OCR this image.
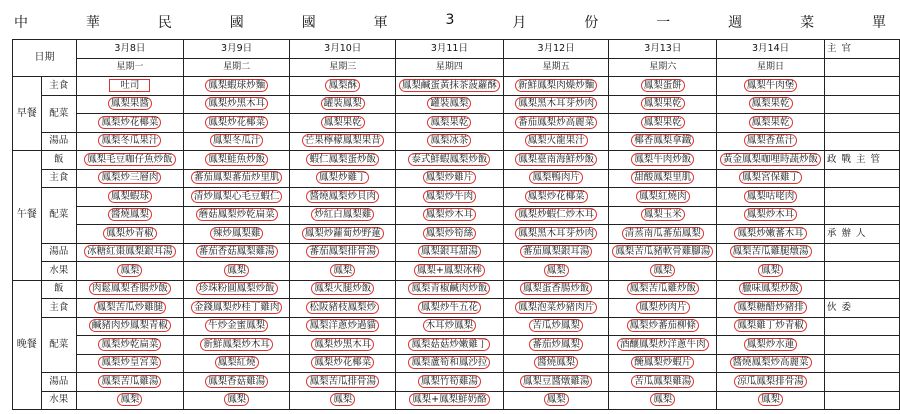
中	華	民	國	國	軍	3	月	份	一	週	菜	單
日期		3月8日	3月9日	3月10日	3月11日	3月12日	3月13日	3月14日	主 官
		星期一	星期二	星期三	星期四	星期五	星期六	星期日	
早餐	主食	吐司	鳳梨蝦球炒麵	鳳梨酥	鳳梨鹹蛋黃抹茶菠蘿酥	新鮮鳳梨肉燥炒麵	鳳梨蛋餅	鳳梨牛肉堡	
	配菜	鳳梨果醬	鳳梨炒黑木耳	罐裝鳳梨	罐裝鳳梨	鳳梨黑木耳芽炒肉	鳳梨果乾	鳳梨果乾	
		鳳梨炒花椰菜	鳳梨炒花椰菜	鳳梨果乾	鳳梨果乾	番茄鳳梨炒高麗菜	鳳梨果乾	鳳梨果乾	
	湯品	鳳梨冬瓜果汁	鳳梨冬瓜汁	芒果檸檬鳳梨果昔	鳳梨冰茶	鳳梨火龍果汁	椰香鳳梨拿鐵	鳳梨香蕉汁	
午餐	飯	鳳梨毛豆咖仔魚炒飯	鳳梨鮭魚炒飯	蝦仁鳳梨蛋炒飯	泰式鮮蝦鳳梨炒飯	鳳梨臺南海鮮炒飯	鳳梨牛肉炒飯	黃金鳳梨咖哩時蔬炒飯	政 戰 主 管
	主食	鳳梨炒三層肉	蕃茄鳳梨蕃茄炒里肌	鳳梨炒雞丁	鳳梨炒雞片	鳳梨鴨肉片	甜酸鳳梨里肌	鳳梨宮保雞丁	
	配菜	鳳梨蝦球	清炒鳳梨心毛豆蝦仁	醬燒鳳梨炒貝肉	鳳梨炒牛肉	鳳梨炒花椰菜	鳳梨紅燒肉	鳳梨咕咾肉	
		醬燒鳳梨	蘑菇鳳梨炒乾扁菜	炒紅白鳳梨雞	鳳梨炒木耳	鳳梨炒蝦仁炒木耳	鳳梨玉米	鳳梨炒木耳	
		鳳梨炒青椒	辣炒鳳梨雞	鳳梨炒蘿蔔炒野蓮	鳳梨炒筍絲	鳳梨黑木耳芽炒肉	清蒸南瓜蕃茄鳳梨	鳳梨炒嫩蕃木耳	承 辦 人
	湯品	冰糖紅棗鳳梨銀耳湯	蕃茄香菇鳳梨雞湯	蕃茄鳳梨排骨湯	鳳梨銀耳甜湯	蕃茄鳳梨銀耳湯	鳳梨苦瓜豬軟骨雞腳湯	鳳梨苦瓜雞腿燉湯	
	水果	鳳梨	鳳梨	鳳梨	鳳梨+鳳梨冰棒	鳳梨	鳳梨	鳳梨	
晚餐	飯	肉鬆鳳梨香腸炒飯	珍珠粉圓鳳梨炒飯	鳳梨火腿炒飯	鳳梨青椒鹹肉炒飯	鳳梨蛋香腸炒飯	鳳梨苦瓜雞炒飯	臘味鳳梨炒飯	
	主食	鳳梨苦瓜炒雞腿	金錢鳳梨炒桂丁雞肉	松阪豬枝鳳梨炒	鳳梨炒牛五花	鳳梨泡菜炒豬肉片	鳳梨炒肉片	鳳梨糖醋炒豬排	伙 委
	配菜	鹹豬肉炒鳳梨青椒	牛炒金蜜鳳梨	鳳梨洋蔥炒過貓	木耳炒鳳梨	苦瓜炒鳳梨	鳳梨炒蕃茄柳條	鳳梨雞丁炒青椒	
		鳳梨炒乾扁菜	新鮮鳳梨炒木耳	鳳梨炒黑木耳	鳳梨菇菇炒嫩雞丁	蕃茄炒鳳梨	酒釀鳳梨炒洋蔥牛肉	鳳梨炒水蓮	
		鳳梨炒皇宮菜	鳳梨紅燒	鳳梨炒花椰菜	鳳梨蘆筍和鳳沙拉	醬燒鳳梨	醃鳳梨炒蝦片	醬燒鳳梨炒高麗菜	
	湯品	鳳梨苦瓜雞湯	鳳梨香菇雞湯	鳳梨苦瓜排骨湯	鳳梨竹筍雞湯	鳳梨豆醬燉雞湯	苦瓜鳳梨雞湯	涼瓜鳳梨排骨湯	
	水果	鳳梨	鳳梨	鳳梨	鳳梨+鳳梨鮮奶酪	鳳梨	鳳梨	鳳梨	
